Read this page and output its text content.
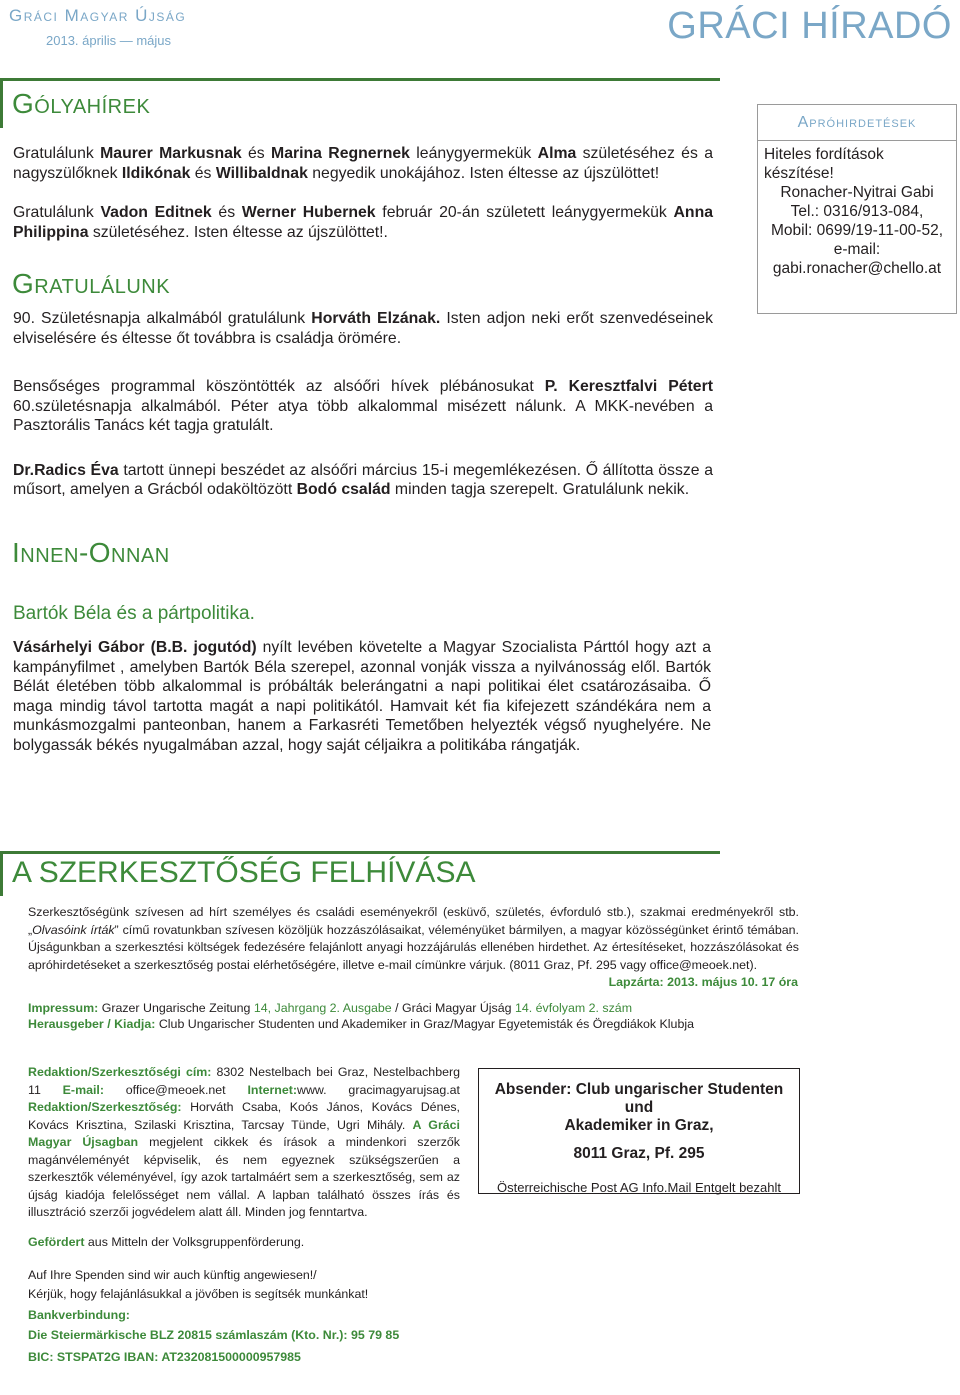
Gráci Magyar Újság
2013. április — május	GRÁCI HÍRADÓ
Gólyahírek

Gratulálunk Maurer Markusnak és Marina Regnernek leánygyermekük Alma születéséhez és a nagyszülőknek Ildikónak és Willibaldnak negyedik unokájához. Isten éltesse az újszülöttet!

Gratulálunk Vadon Editnek és Werner Hubernek február 20-án született leánygyermekük Anna Philippina születéséhez. Isten éltesse az újszülöttet!.

Gratulálunk

90. Születésnapja alkalmából gratulálunk Horváth Elzának. Isten adjon neki erőt szenvedéseinek elviselésére és éltesse őt továbbra is családja örömére.

Bensőséges programmal köszöntötték az alsóőri hívek plébánosukat P. Keresztfalvi Pétert 60.születésnapja alkalmából. Péter atya több alkalommal misézett nálunk. A MKK-nevében a Pasztorális Tanács két tagja gratulált.

Dr.Radics Éva tartott ünnepi beszédet az alsóőri március 15-i megemlékezésen. Ő állította össze a műsort, amelyen a Grácból odaköltözött Bodó család minden tagja szerepelt. Gratulálunk nekik.

Apróhirdetések
Hiteles fordítások készítése!
Ronacher-Nyitrai Gabi
Tel.: 0316/913-084,
Mobil: 0699/19-11-00-52,
e-mail:
gabi.ronacher@chello.at
Innen-Onnan
Bartók Béla és a pártpolitika.

Vásárhelyi Gábor (B.B. jogutód) nyílt levében követelte a Magyar Szocialista Párttól hogy azt a kampányfilmet , amelyben Bartók Béla szerepel, azonnal vonják vissza a nyilvánosság elől. Bartók Bélát életében több alkalommal is próbálták belerángatni a napi politikai élet csatározásaiba. Ő maga mindig távol tartotta magát a napi politikától. Hamvait két fia kifejezett szándékára nem a munkásmozgalmi panteonban, hanem a Farkasréti Temetőben helyezték végső nyughelyére. Ne bolygassák békés nyugalmában azzal, hogy saját céljaikra a politikába rángatják.

A SZERKESZTŐSÉG FELHÍVÁSA
Szerkesztőségünk szívesen ad hírt személyes és családi eseményekről (esküvő, születés, évforduló stb.), szakmai eredményekről stb. „Olvasóink írták” című rovatunkban szívesen közöljük hozzászólásaikat, véleményüket bármilyen, a magyar közösségünket érintő témában. Újságunkban a szerkesztési költségek fedezésére felajánlott anyagi hozzájárulás ellenében hirdethet. Az értesítéseket, hozzászólásokat és apróhirdetéseket a szerkesztőség postai elérhetőségére, illetve e-mail címünkre várjuk. (8011 Graz, Pf. 295 vagy office@meoek.net).
Lapzárta: 2013. május 10. 17 óra
Impressum: Grazer Ungarische Zeitung 14, Jahrgang 2. Ausgabe / Gráci Magyar Újság 14. évfolyam 2. szám
Herausgeber / Kiadja: Club Ungarischer Studenten und Akademiker in Graz/Magyar Egyetemisták és Öregdiákok Klubja
Redaktion/Szerkesztőségi cím: 8302 Nestelbach bei Graz, Nestelbachberg 11 E-mail: office@meoek.net Internet:www. gracimagyarujsag.at Redaktion/Szerkesztőség: Horváth Csaba, Koós János, Kovács Dénes, Kovács Krisztina, Szilaski Krisztina, Tarcsay Tünde, Ugri Mihály. A Gráci Magyar Újsagban megjelent cikkek és írások a mindenkori szerzők magánvéleményét képviselik, és nem egyeznek szükségszerűen a szerkesztők véleményével, így azok tartalmáért sem a szerkesztőség, sem az újság kiadója felelősséget nem vállal. A lapban található összes írás és illusztráció szerzői jogvédelem alatt áll. Minden jog fenntartva.
Absender: Club ungarischer Studenten und
Akademiker in Graz,
8011 Graz, Pf. 295
Österreichische Post AG Info.Mail Entgelt bezahlt
Gefördert aus Mitteln der Volksgruppenförderung.
Auf Ihre Spenden sind wir auch künftig angewiesen!/
Kérjük, hogy felajánlásukkal a jövőben is segítsék munkánkat!
Bankverbindung:
Die Steiermärkische BLZ 20815 számlaszám (Kto. Nr.): 95 79 85
BIC: STSPAT2G IBAN: AT232081500000957985
